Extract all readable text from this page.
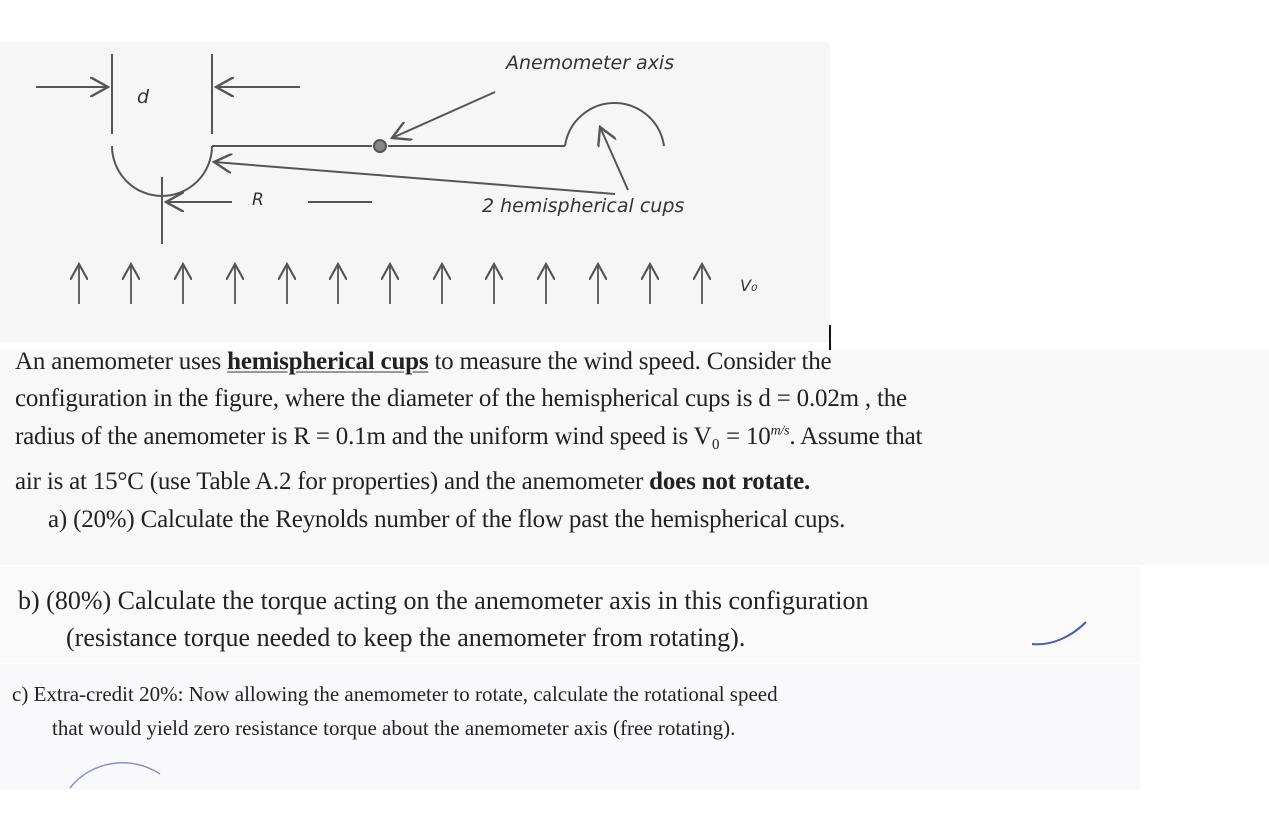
Anemometer axis
2 hemispherical cups
d
R
V₀
An anemometer uses hemispherical cups to measure the wind speed. Consider the
configuration in the figure, where the diameter of the hemispherical cups is d = 0.02m , the
radius of the anemometer is R = 0.1m and the uniform wind speed is $V_0 = 10^{m/s}$. Assume that
air is at 15°C (use Table A.2 for properties) and the anemometer does not rotate.
a) (20%) Calculate the Reynolds number of the flow past the hemispherical cups.
b) (80%) Calculate the torque acting on the anemometer axis in this configuration
(resistance torque needed to keep the anemometer from rotating).
c) Extra-credit 20%: Now allowing the anemometer to rotate, calculate the rotational speed
that would yield zero resistance torque about the anemometer axis (free rotating).
